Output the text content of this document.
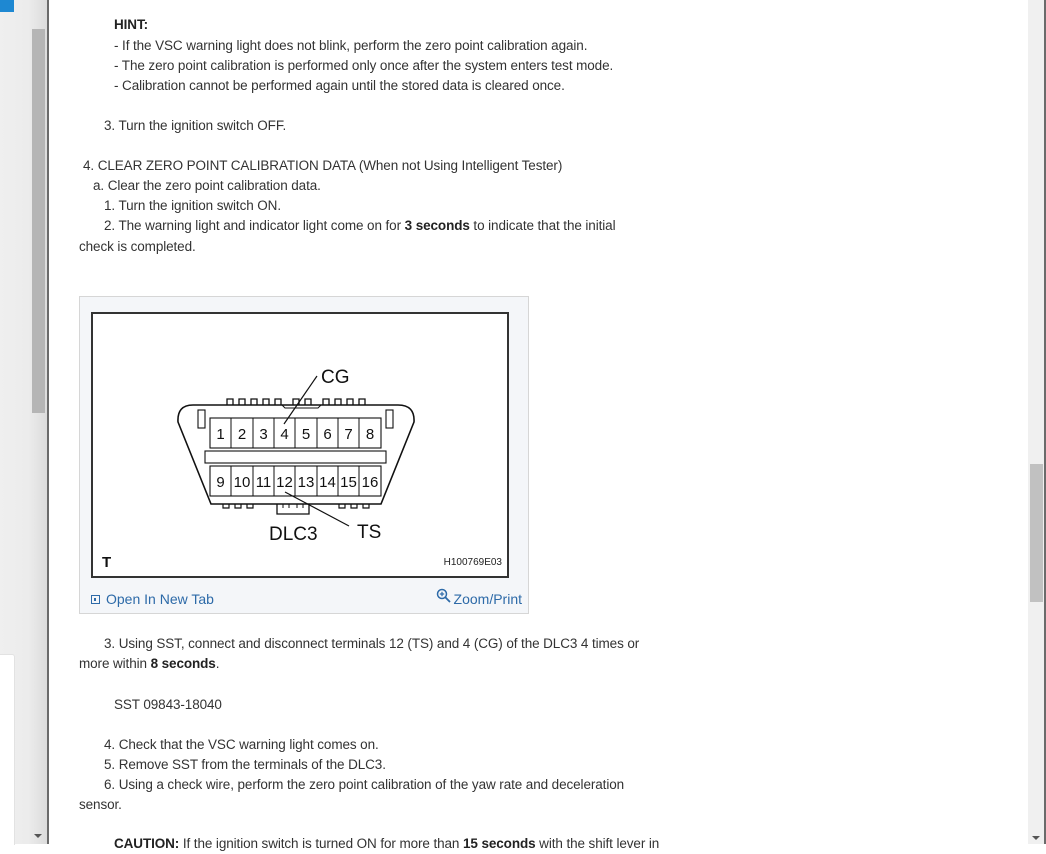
HINT:
- If the VSC warning light does not blink, perform the zero point calibration again.
- The zero point calibration is performed only once after the system enters test mode.
- Calibration cannot be performed again until the stored data is cleared once.
3. Turn the ignition switch OFF.
4. CLEAR ZERO POINT CALIBRATION DATA (When not Using Intelligent Tester)
a. Clear the zero point calibration data.
1. Turn the ignition switch ON.
2. The warning light and indicator light come on for 3 seconds to indicate that the initial
check is completed.
1 2 3 4 5 6 7 8
9 10 11 12 13 14 15 16
CG
TS
DLC3
T	H100769E03
Open In New Tab	Zoom/Print
3. Using SST, connect and disconnect terminals 12 (TS) and 4 (CG) of the DLC3 4 times or
more within 8 seconds.
SST 09843-18040
4. Check that the VSC warning light comes on.
5. Remove SST from the terminals of the DLC3.
6. Using a check wire, perform the zero point calibration of the yaw rate and deceleration
sensor.
CAUTION: If the ignition switch is turned ON for more than 15 seconds with the shift lever in
